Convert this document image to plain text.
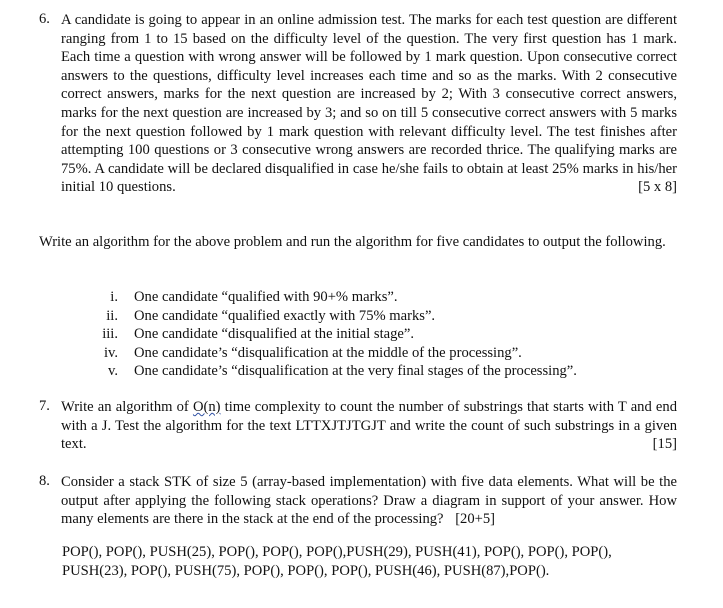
6. A candidate is going to appear in an online admission test. The marks for each test question are different ranging from 1 to 15 based on the difficulty level of the question. The very first question has 1 mark. Each time a question with wrong answer will be followed by 1 mark question. Upon consecutive correct answers to the questions, difficulty level increases each time and so as the marks. With 2 consecutive correct answers, marks for the next question are increased by 2; With 3 consecutive correct answers, marks for the next question are increased by 3; and so on till 5 consecutive correct answers with 5 marks for the next question followed by 1 mark question with relevant difficulty level. The test finishes after attempting 100 questions or 3 consecutive wrong answers are recorded thrice. The qualifying marks are 75%. A candidate will be declared disqualified in case he/she fails to obtain at least 25% marks in his/her initial 10 questions.	[5 x 8]
Write an algorithm for the above problem and run the algorithm for five candidates to output the following.
i. One candidate “qualified with 90+% marks”.
ii. One candidate “qualified exactly with 75% marks”.
iii. One candidate “disqualified at the initial stage”.
iv. One candidate’s “disqualification at the middle of the processing”.
v. One candidate’s “disqualification at the very final stages of the processing”.
7. Write an algorithm of O(n) time complexity to count the number of substrings that starts with T and end with a J. Test the algorithm for the text LTTXJTJTGJT and write the count of such substrings in a given text.	[15]
8. Consider a stack STK of size 5 (array-based implementation) with five data elements. What will be the output after applying the following stack operations? Draw a diagram in support of your answer. How many elements are there in the stack at the end of the processing? [20+5]
POP(), POP(), PUSH(25), POP(), POP(), POP(),PUSH(29), PUSH(41), POP(), POP(), POP(),
PUSH(23), POP(), PUSH(75), POP(), POP(), POP(), PUSH(46), PUSH(87),POP().
